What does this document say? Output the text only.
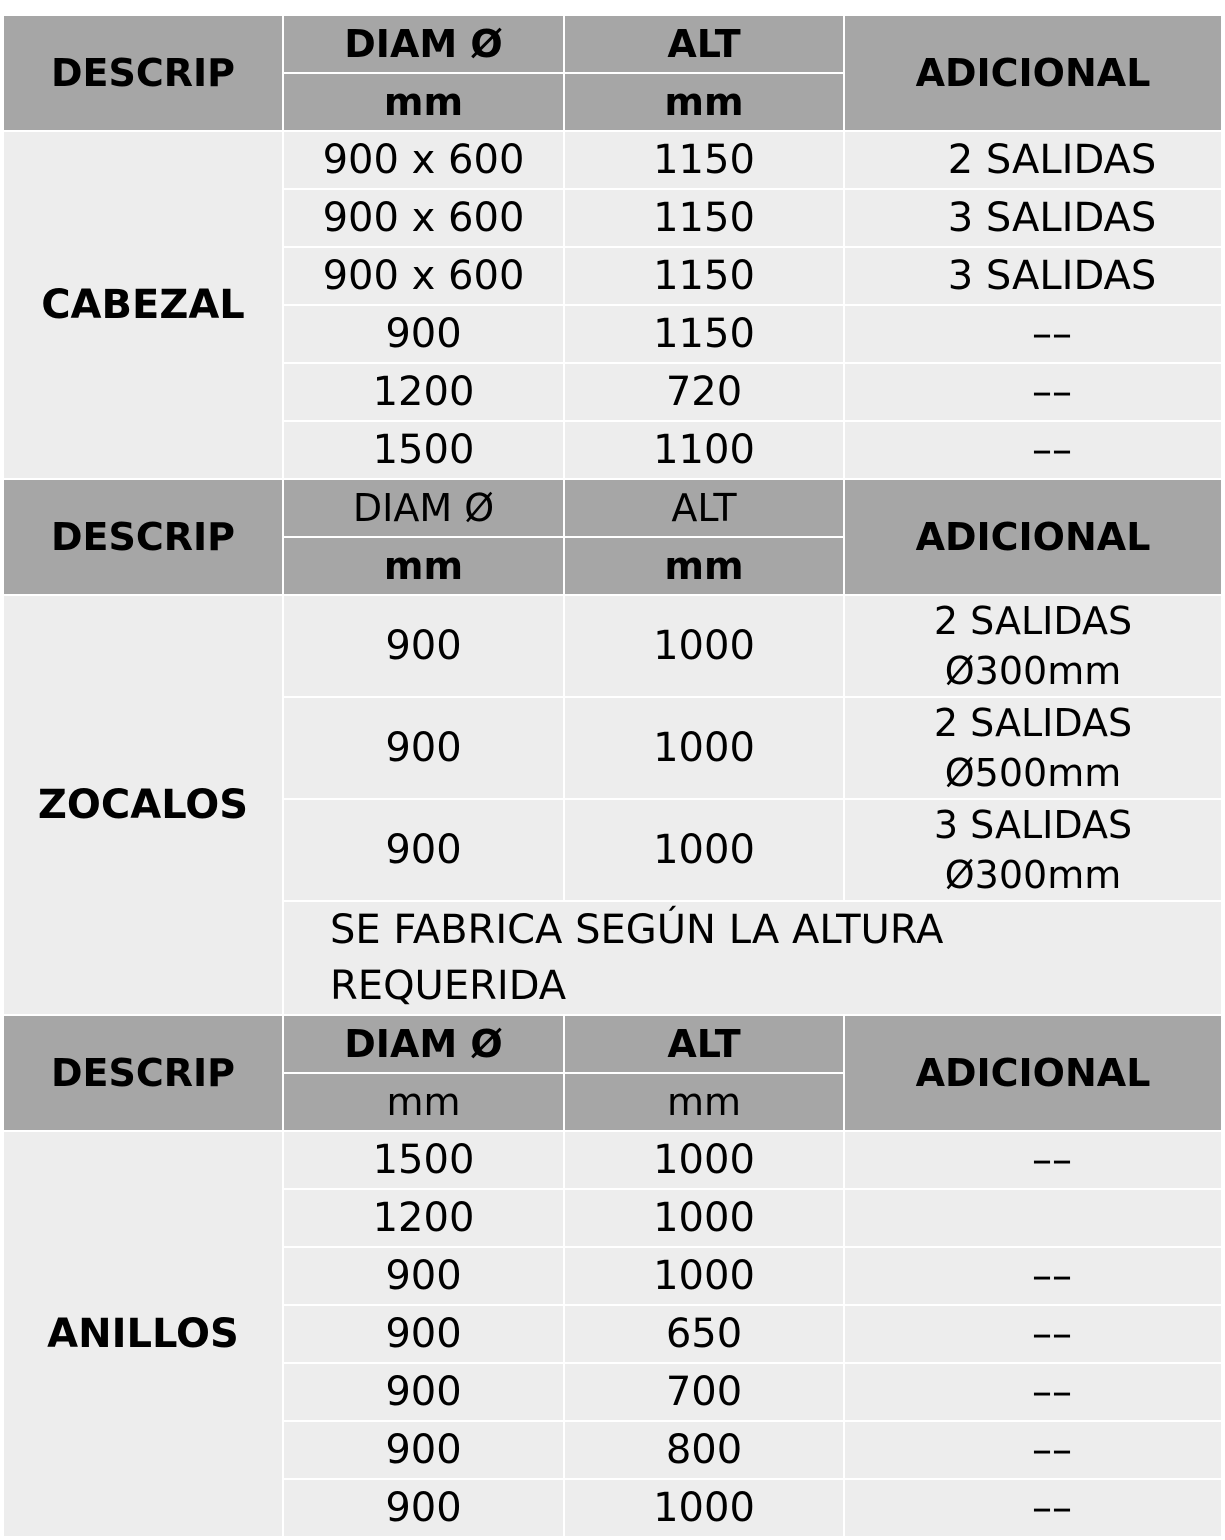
DESCRIP	DIAM Ø	ALT	ADICIONAL
	mm	mm	
CABEZAL	900 x 600	1150	2 SALIDAS
	900 x 600	1150	3 SALIDAS
	900 x 600	1150	3 SALIDAS
	900	1150	––
	1200	720	––
	1500	1100	––
DESCRIP	DIAM Ø	ALT	ADICIONAL
	mm	mm	
ZOCALOS	900	1000	2 SALIDAS
Ø300mm

	900	1000	2 SALIDAS
Ø500mm

	900	1000	3 SALIDAS
Ø300mm

	SE FABRICA SEGÚN LA ALTURA
REQUERIDA		

DESCRIP	DIAM Ø	ALT	ADICIONAL
	mm	mm	
ANILLOS	1500	1000	––
	1200	1000	
	900	1000	––
	900	650	––
	900	700	––
	900	800	––
	900	1000	––
